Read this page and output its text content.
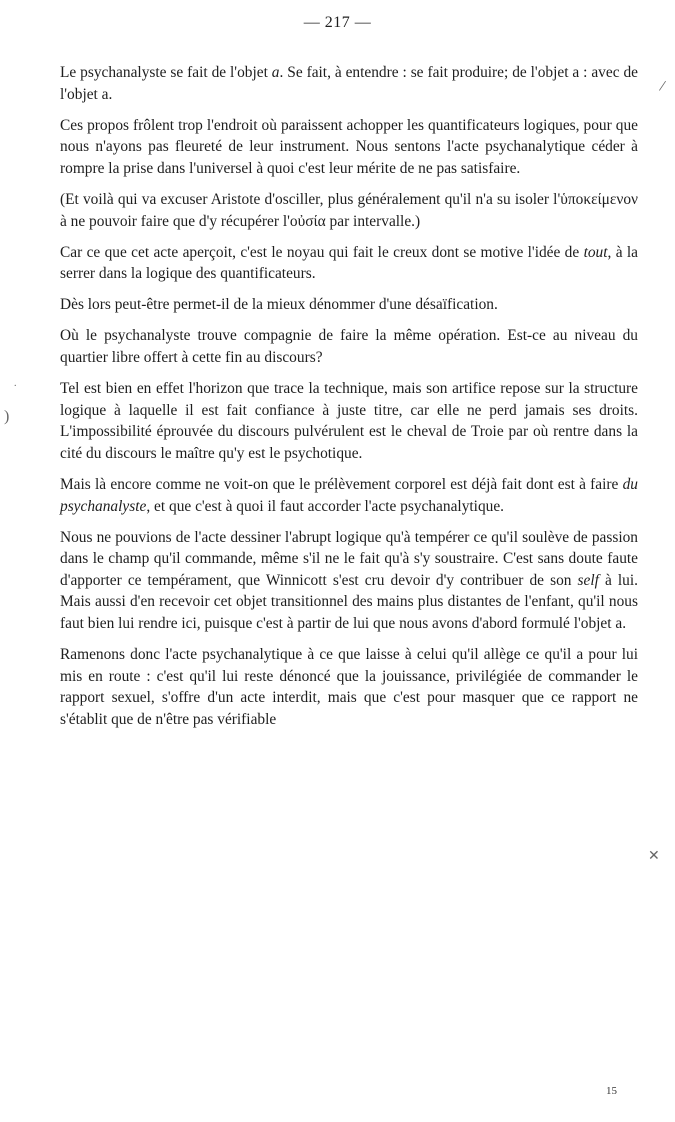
— 217 —

Le psychanalyste se fait de l'objet a. Se fait, à entendre : se fait produire; de l'objet a : avec de l'objet a.

Ces propos frôlent trop l'endroit où paraissent achopper les quantificateurs logiques, pour que nous n'ayons pas fleureté de leur instrument. Nous sentons l'acte psychanalytique céder à rompre la prise dans l'universel à quoi c'est leur mérite de ne pas satisfaire.

(Et voilà qui va excuser Aristote d'osciller, plus généralement qu'il n'a su isoler l'ὑποκείμενον à ne pouvoir faire que d'y récupérer l'οὐσία par intervalle.)

Car ce que cet acte aperçoit, c'est le noyau qui fait le creux dont se motive l'idée de tout, à la serrer dans la logique des quantificateurs.

Dès lors peut-être permet-il de la mieux dénommer d'une désaïfication.

Où le psychanalyste trouve compagnie de faire la même opération. Est-ce au niveau du quartier libre offert à cette fin au discours?

Tel est bien en effet l'horizon que trace la technique, mais son artifice repose sur la structure logique à laquelle il est fait confiance à juste titre, car elle ne perd jamais ses droits. L'impossibilité éprouvée du discours pulvérulent est le cheval de Troie par où rentre dans la cité du discours le maître qu'y est le psychotique.

Mais là encore comme ne voit-on que le prélèvement corporel est déjà fait dont est à faire du psychanalyste, et que c'est à quoi il faut accorder l'acte psychanalytique.

Nous ne pouvions de l'acte dessiner l'abrupt logique qu'à tempérer ce qu'il soulève de passion dans le champ qu'il commande, même s'il ne le fait qu'à s'y soustraire. C'est sans doute faute d'apporter ce tempérament, que Winnicott s'est cru devoir d'y contribuer de son self à lui. Mais aussi d'en recevoir cet objet transitionnel des mains plus distantes de l'enfant, qu'il nous faut bien lui rendre ici, puisque c'est à partir de lui que nous avons d'abord formulé l'objet a.

Ramenons donc l'acte psychanalytique à ce que laisse à celui qu'il allège ce qu'il a pour lui mis en route : c'est qu'il lui reste dénoncé que la jouissance, privilégiée de commander le rapport sexuel, s'offre d'un acte interdit, mais que c'est pour masquer que ce rapport ne s'établit que de n'être pas vérifiable

/
)
.
✕
15
